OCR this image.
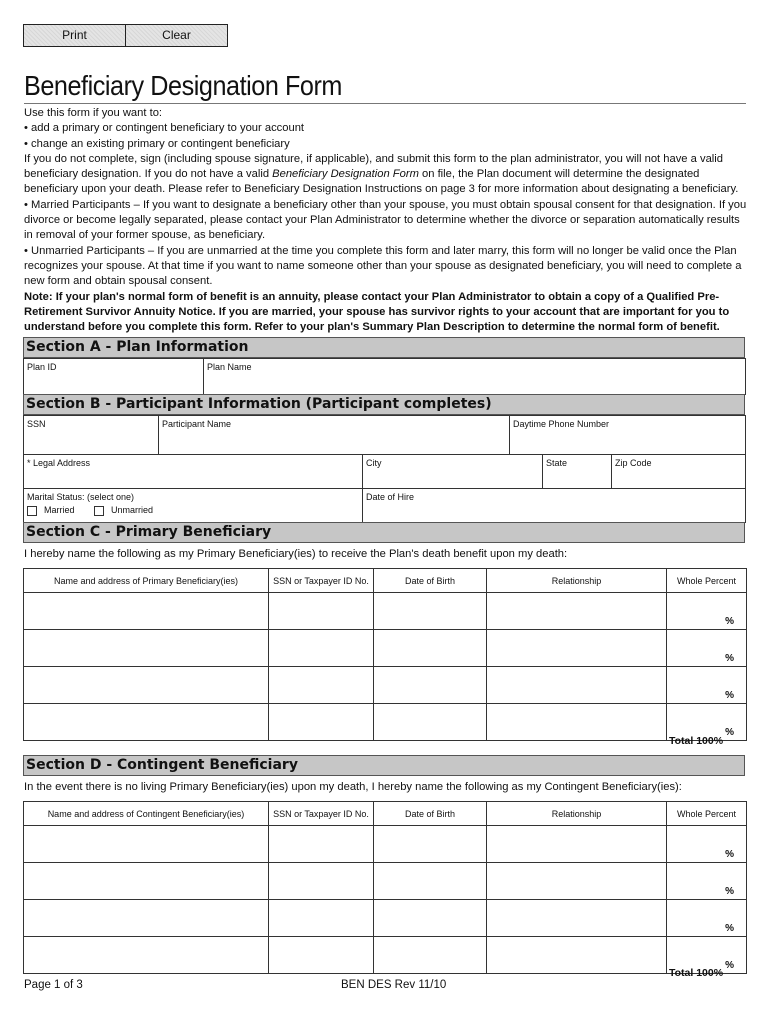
Print	Clear
Beneficiary Designation Form

Use this form if you want to:

• add a primary or contingent beneficiary to your account

• change an existing primary or contingent beneficiary

If you do not complete, sign (including spouse signature, if applicable), and submit this form to the plan administrator, you will not have a valid beneficiary designation. If you do not have a valid Beneficiary Designation Form on file, the Plan document will determine the designated beneficiary upon your death. Please refer to Beneficiary Designation Instructions on page 3 for more information about designating a beneficiary.

• Married Participants – If you want to designate a beneficiary other than your spouse, you must obtain spousal consent for that designation. If you divorce or become legally separated, please contact your Plan Administrator to determine whether the divorce or separation automatically results in removal of your former spouse, as beneficiary.

• Unmarried Participants – If you are unmarried at the time you complete this form and later marry, this form will no longer be valid once the Plan recognizes your spouse. At that time if you want to name someone other than your spouse as designated beneficiary, you will need to complete a new form and obtain spousal consent.

Note: If your plan's normal form of benefit is an annuity, please contact your Plan Administrator to obtain a copy of a Qualified Pre-Retirement Survivor Annuity Notice. If you are married, your spouse has survivor rights to your account that are important for you to understand before you complete this form. Refer to your plan's Summary Plan Description to determine the normal form of benefit.

Section A - Plan Information
Plan ID	Plan Name
Section B - Participant Information (Participant completes)
SSN	Participant Name	Daytime Phone Number
* Legal Address	City	State	Zip Code
Marital Status: (select one)
Married	Unmarried
Date of Hire
Section C - Primary Beneficiary
I hereby name the following as my Primary Beneficiary(ies) to receive the Plan's death benefit upon my death:
Name and address of Primary Beneficiary(ies)	SSN or Taxpayer ID No.	Date of Birth	Relationship	Whole Percent
				%
				%
				%
				%
Total 100%
Section D - Contingent Beneficiary
In the event there is no living Primary Beneficiary(ies) upon my death, I hereby name the following as my Contingent Beneficiary(ies):
Name and address of Contingent Beneficiary(ies)	SSN or Taxpayer ID No.	Date of Birth	Relationship	Whole Percent
				%
				%
				%
				%
Total 100%
Page 1 of 3	BEN DES Rev 11/10
